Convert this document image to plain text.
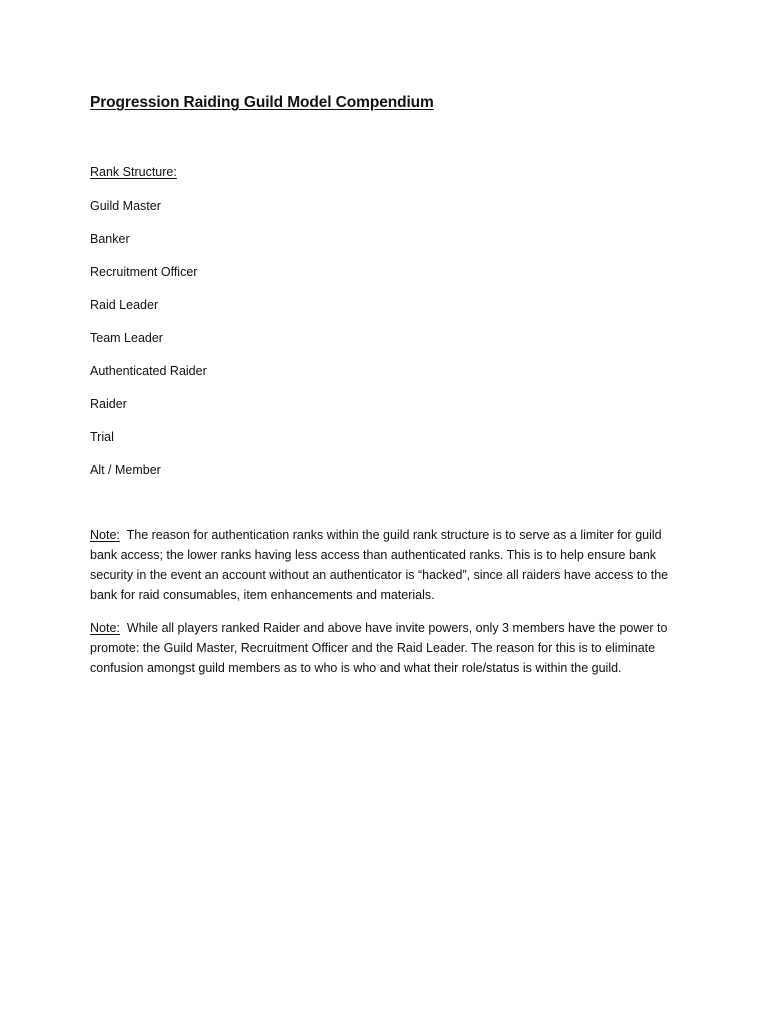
Progression Raiding Guild Model Compendium
Rank Structure:
Guild Master
Banker
Recruitment Officer
Raid Leader
Team Leader
Authenticated Raider
Raider
Trial
Alt / Member

Note: The reason for authentication ranks within the guild rank structure is to serve as a limiter for guild bank access; the lower ranks having less access than authenticated ranks. This is to help ensure bank security in the event an account without an authenticator is “hacked”, since all raiders have access to the bank for raid consumables, item enhancements and materials.

Note: While all players ranked Raider and above have invite powers, only 3 members have the power to promote: the Guild Master, Recruitment Officer and the Raid Leader. The reason for this is to eliminate confusion amongst guild members as to who is who and what their role/status is within the guild.
